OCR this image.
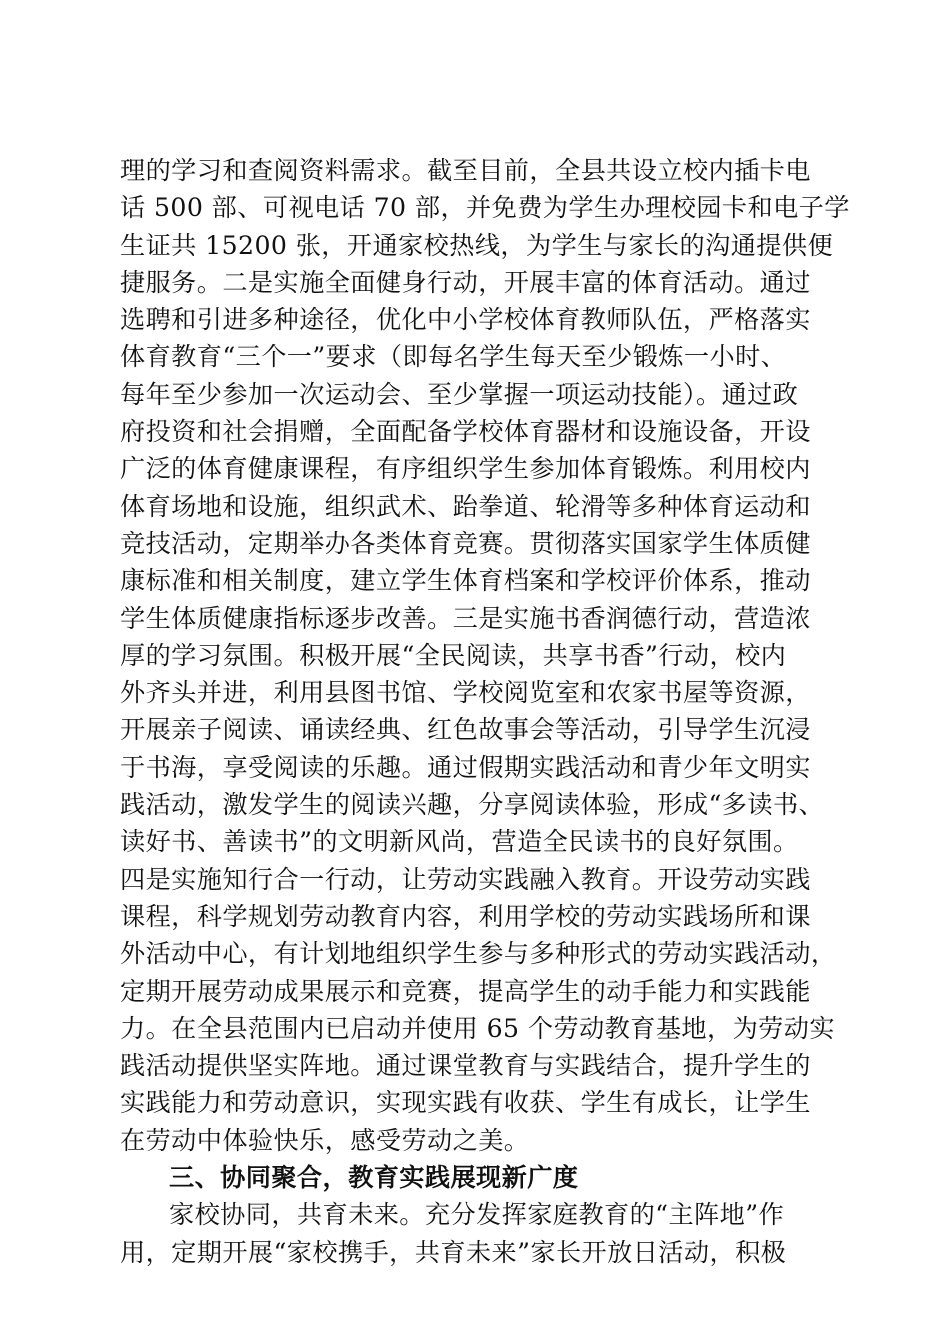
理的学习和查阅资料需求。截至目前，全县共设立校内插卡电
话 500 部、可视电话 70 部，并免费为学生办理校园卡和电子学
生证共 15200 张，开通家校热线，为学生与家长的沟通提供便
捷服务。二是实施全面健身行动，开展丰富的体育活动。通过
选聘和引进多种途径，优化中小学校体育教师队伍，严格落实
体育教育“三个一”要求（即每名学生每天至少锻炼一小时、
每年至少参加一次运动会、至少掌握一项运动技能）。通过政
府投资和社会捐赠，全面配备学校体育器材和设施设备，开设
广泛的体育健康课程，有序组织学生参加体育锻炼。利用校内
体育场地和设施，组织武术、跆拳道、轮滑等多种体育运动和
竞技活动，定期举办各类体育竞赛。贯彻落实国家学生体质健
康标准和相关制度，建立学生体育档案和学校评价体系，推动
学生体质健康指标逐步改善。三是实施书香润德行动，营造浓
厚的学习氛围。积极开展“全民阅读，共享书香”行动，校内
外齐头并进，利用县图书馆、学校阅览室和农家书屋等资源，
开展亲子阅读、诵读经典、红色故事会等活动，引导学生沉浸
于书海，享受阅读的乐趣。通过假期实践活动和青少年文明实
践活动，激发学生的阅读兴趣，分享阅读体验，形成“多读书、
读好书、善读书”的文明新风尚，营造全民读书的良好氛围。
四是实施知行合一行动，让劳动实践融入教育。开设劳动实践
课程，科学规划劳动教育内容，利用学校的劳动实践场所和课
外活动中心，有计划地组织学生参与多种形式的劳动实践活动，
定期开展劳动成果展示和竞赛，提高学生的动手能力和实践能
力。在全县范围内已启动并使用 65 个劳动教育基地，为劳动实
践活动提供坚实阵地。通过课堂教育与实践结合，提升学生的
实践能力和劳动意识，实现实践有收获、学生有成长，让学生
在劳动中体验快乐，感受劳动之美。
三、协同聚合，教育实践展现新广度
家校协同，共育未来。充分发挥家庭教育的“主阵地”作
用，定期开展“家校携手，共育未来”家长开放日活动，积极
